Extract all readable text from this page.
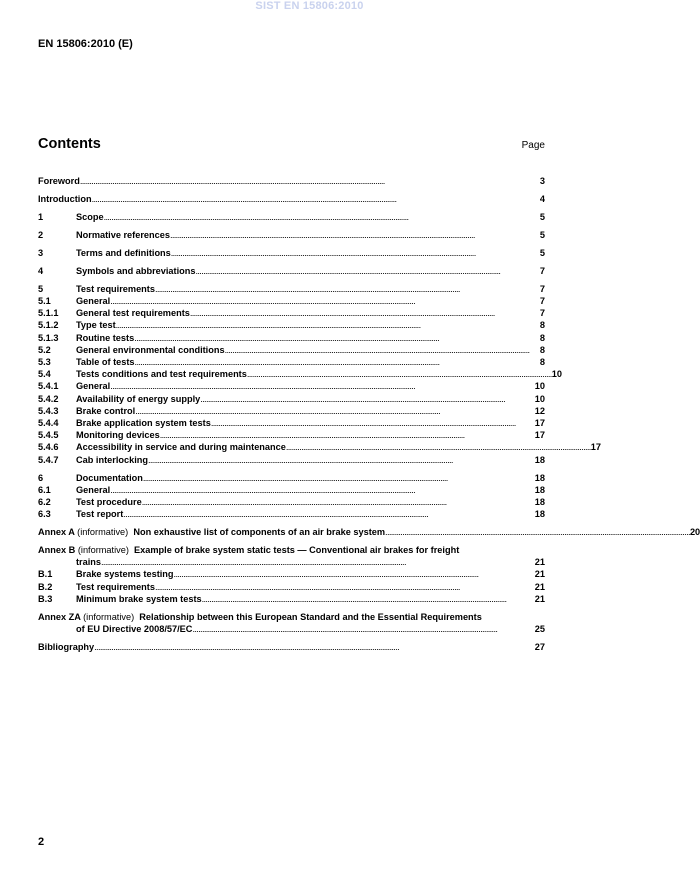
SIST EN 15806:2010
EN 15806:2010 (E)
Contents	Page
Foreword . . .	3
Introduction . . .	4
1	Scope . . .	5
2	Normative references . . .	5
3	Terms and definitions . . .	5
4	Symbols and abbreviations . . .	7
5	Test requirements . . .	7
5.1	General . . .	7
5.1.1	General test requirements . . .	7
5.1.2	Type test . . .	8
5.1.3	Routine tests . . .	8
5.2	General environmental conditions . . .	8
5.3	Table of tests . . .	8
5.4	Tests conditions and test requirements . . .	10
5.4.1	General . . .	10
5.4.2	Availability of energy supply . . .	10
5.4.3	Brake control . . .	12
5.4.4	Brake application system tests . . .	17
5.4.5	Monitoring devices . . .	17
5.4.6	Accessibility in service and during maintenance . . .	17
5.4.7	Cab interlocking . . .	18
6	Documentation . . .	18
6.1	General . . .	18
6.2	Test procedure . . .	18
6.3	Test report . . .	18
Annex A (informative) Non exhaustive list of components of an air brake system . . .	20
Annex B (informative) Example of brake system static tests — Conventional air brakes for freight
trains . . .	21
B.1	Brake systems testing . . .	21
B.2	Test requirements . . .	21
B.3	Minimum brake system tests . . .	21
Annex ZA (informative) Relationship between this European Standard and the Essential Requirements
of EU Directive 2008/57/EC . . .	25
Bibliography . . .	27
2
